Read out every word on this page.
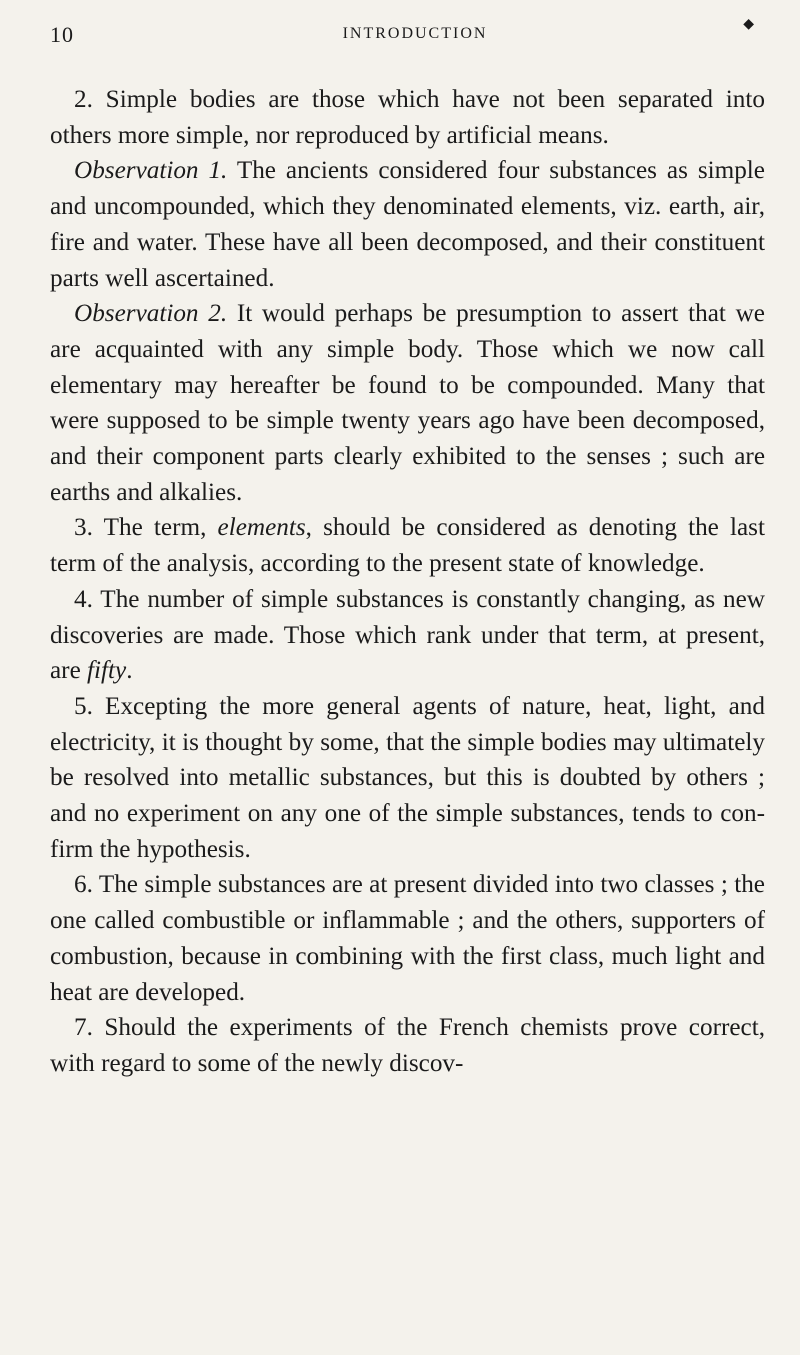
10	INTRODUCTION
◆

2. Simple bodies are those which have not been separated into others more simple, nor reproduced by artificial means.

Observation 1. The ancients considered four substances as simple and uncompounded, which they denominated elements, viz. earth, air, fire and water. These have all been decomposed, and their constituent parts well ascertained.

Observation 2. It would perhaps be presumption to assert that we are acquainted with any simple body. Those which we now call elementary may hereafter be found to be compounded. Many that were supposed to be simple twenty years ago have been decomposed, and their component parts clearly exhibited to the senses ; such are earths and alkalies.

3. The term, elements, should be considered as denoting the last term of the analysis, according to the present state of knowledge.

4. The number of simple substances is constantly changing, as new discoveries are made. Those which rank under that term, at present, are fifty.

5. Excepting the more general agents of nature, heat, light, and electricity, it is thought by some, that the simple bodies may ultimately be resolved into metallic substances, but this is doubted by others ; and no experiment on any one of the simple substances, tends to confirm the hypothesis.

6. The simple substances are at present divided into two classes ; the one called combustible or inflammable ; and the others, supporters of combustion, because in combining with the first class, much light and heat are developed.

7. Should the experiments of the French chemists prove correct, with regard to some of the newly discov-
